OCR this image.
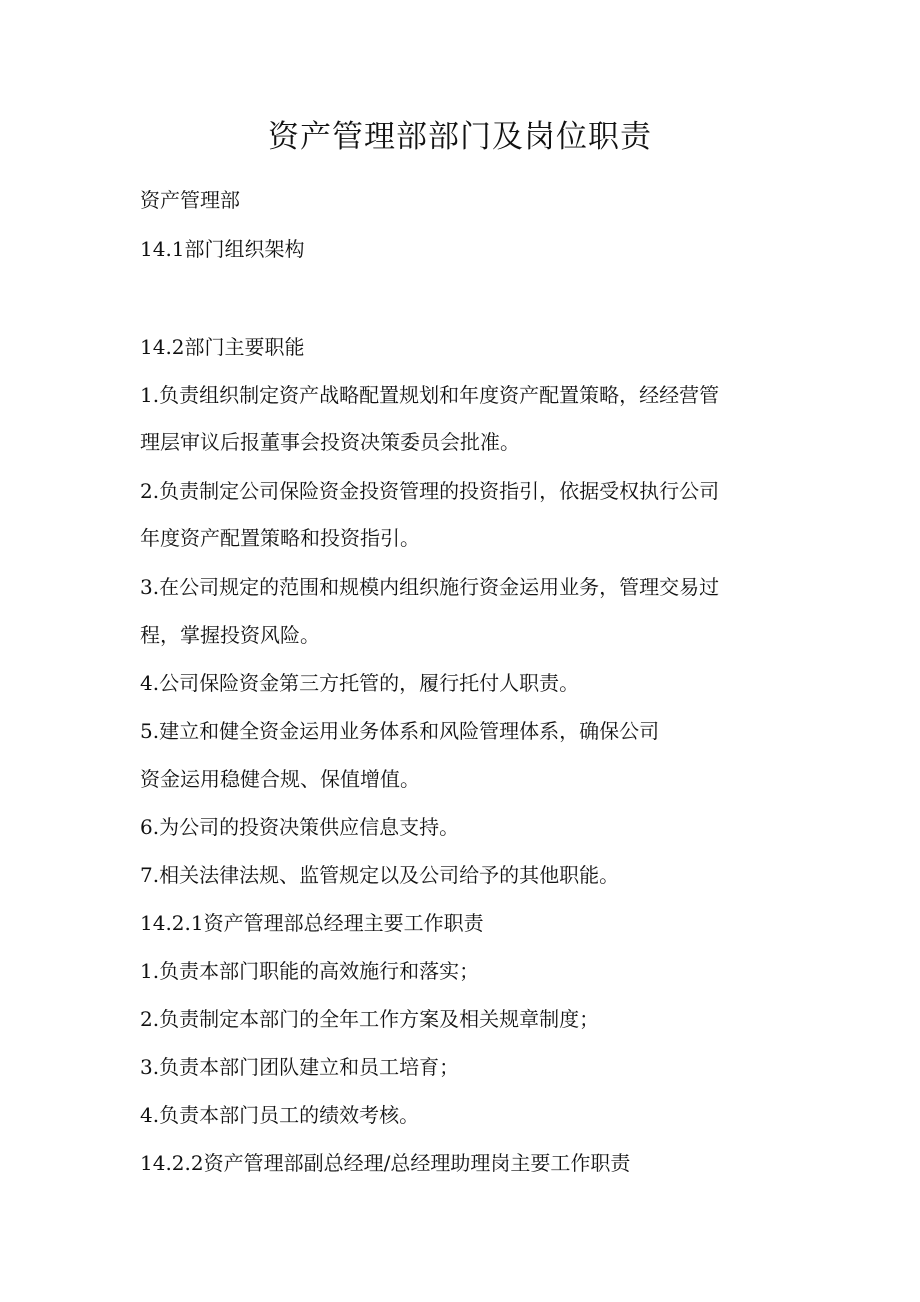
资产管理部部门及岗位职责

资产管理部

14.1部门组织架构

14.2部门主要职能

1.负责组织制定资产战略配置规划和年度资产配置策略，经经营管

理层审议后报董事会投资决策委员会批准。

2.负责制定公司保险资金投资管理的投资指引，依据受权执行公司

年度资产配置策略和投资指引。

3.在公司规定的范围和规模内组织施行资金运用业务，管理交易过

程，掌握投资风险。

4.公司保险资金第三方托管的，履行托付人职责。

5.建立和健全资金运用业务体系和风险管理体系，确保公司

资金运用稳健合规、保值增值。

6.为公司的投资决策供应信息支持。

7.相关法律法规、监管规定以及公司给予的其他职能。

14.2.1资产管理部总经理主要工作职责

1.负责本部门职能的高效施行和落实；

2.负责制定本部门的全年工作方案及相关规章制度；

3.负责本部门团队建立和员工培育；

4.负责本部门员工的绩效考核。

14.2.2资产管理部副总经理/总经理助理岗主要工作职责
